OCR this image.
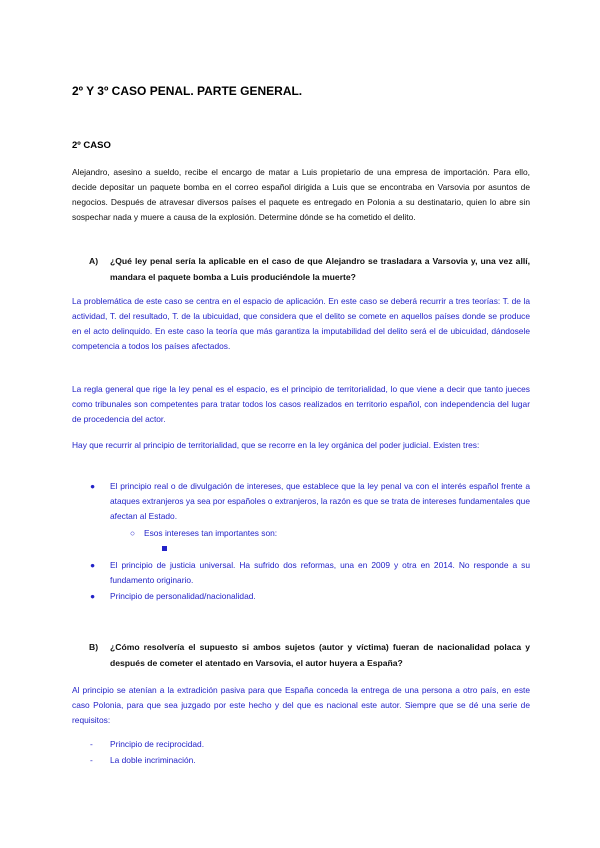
2º Y 3º CASO PENAL. PARTE GENERAL.
2º CASO

Alejandro, asesino a sueldo, recibe el encargo de matar a Luis propietario de una empresa de importación. Para ello, decide depositar un paquete bomba en el correo español dirigida a Luis que se encontraba en Varsovia por asuntos de negocios. Después de atravesar diversos países el paquete es entregado en Polonia a su destinatario, quien lo abre sin sospechar nada y muere a causa de la explosión. Determine dónde se ha cometido el delito.

A) ¿Qué ley penal sería la aplicable en el caso de que Alejandro se trasladara a Varsovia y, una vez allí, mandara el paquete bomba a Luis produciéndole la muerte?

La problemática de este caso se centra en el espacio de aplicación. En este caso se deberá recurrir a tres teorías: T. de la actividad, T. del resultado, T. de la ubicuidad, que considera que el delito se comete en aquellos países donde se produce en el acto delinquido. En este caso la teoría que más garantiza la imputabilidad del delito será el de ubicuidad, dándosele competencia a todos los países afectados.

La regla general que rige la ley penal es el espacio, es el principio de territorialidad, lo que viene a decir que tanto jueces como tribunales son competentes para tratar todos los casos realizados en territorio español, con independencia del lugar de procedencia del actor.

Hay que recurrir al principio de territorialidad, que se recorre en la ley orgánica del poder judicial. Existen tres:

● El principio real o de divulgación de intereses, que establece que la ley penal va con el interés español frente a ataques extranjeros ya sea por españoles o extranjeros, la razón es que se trata de intereses fundamentales que afectan al Estado.
○ Esos intereses tan importantes son:
● El principio de justicia universal. Ha sufrido dos reformas, una en 2009 y otra en 2014. No responde a su fundamento originario.
● Principio de personalidad/nacionalidad.
B) ¿Cómo resolvería el supuesto si ambos sujetos (autor y víctima) fueran de nacionalidad polaca y después de cometer el atentado en Varsovia, el autor huyera a España?

Al principio se atenían a la extradición pasiva para que España conceda la entrega de una persona a otro país, en este caso Polonia, para que sea juzgado por este hecho y del que es nacional este autor. Siempre que se dé una serie de requisitos:

- Principio de reciprocidad.
- La doble incriminación.
